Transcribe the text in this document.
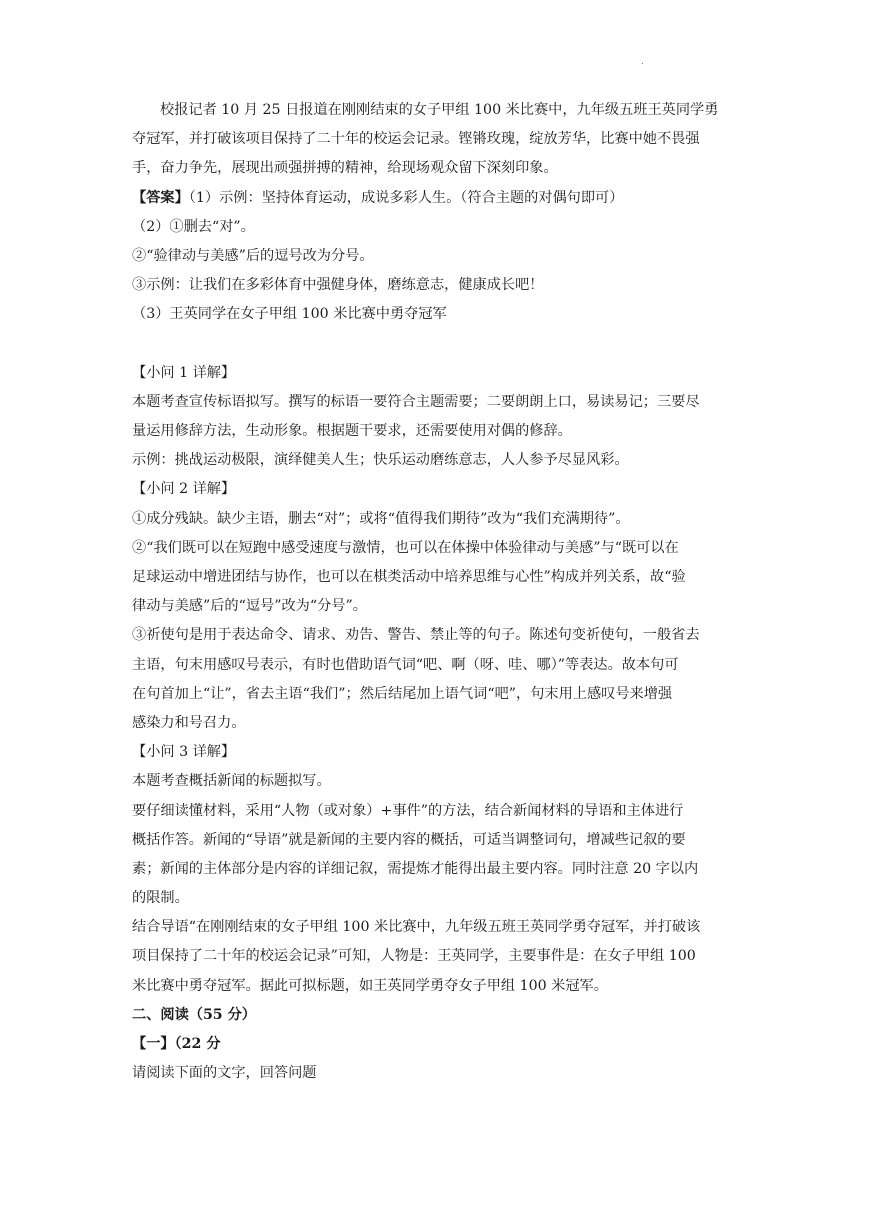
.
校报记者 10 月 25 日报道在刚刚结束的女子甲组 100 米比赛中，九年级五班王英同学勇
夺冠军，并打破该项目保持了二十年的校运会记录。铿锵玫瑰，绽放芳华，比赛中她不畏强
手，奋力争先，展现出顽强拼搏的精神，给现场观众留下深刻印象。
【答案】（1）示例：坚持体育运动，成说多彩人生。（符合主题的对偶句即可）
（2）①删去“对”。
②“验律动与美感”后的逗号改为分号。
③示例：让我们在多彩体育中强健身体，磨练意志，健康成长吧！
（3）王英同学在女子甲组 100 米比赛中勇夺冠军
【小问 1 详解】
本题考查宣传标语拟写。撰写的标语一要符合主题需要；二要朗朗上口，易读易记；三要尽
量运用修辞方法，生动形象。根据题干要求，还需要使用对偶的修辞。
示例：挑战运动极限，演绎健美人生；快乐运动磨练意志，人人参予尽显风彩。
【小问 2 详解】
①成分残缺。缺少主语，删去“对”；或将“值得我们期待”改为“我们充满期待”。
②“我们既可以在短跑中感受速度与激情，也可以在体操中体验律动与美感”与“既可以在
足球运动中增进团结与协作，也可以在棋类活动中培养思维与心性”构成并列关系，故“验
律动与美感”后的“逗号”改为“分号”。
③祈使句是用于表达命令、请求、劝告、警告、禁止等的句子。陈述句变祈使句，一般省去
主语，句末用感叹号表示，有时也借助语气词“吧、啊（呀、哇、哪）”等表达。故本句可
在句首加上“让”，省去主语“我们”；然后结尾加上语气词“吧”，句末用上感叹号来增强
感染力和号召力。
【小问 3 详解】
本题考查概括新闻的标题拟写。
要仔细读懂材料，采用“人物（或对象）+事件”的方法，结合新闻材料的导语和主体进行
概括作答。新闻的“导语”就是新闻的主要内容的概括，可适当调整词句，增减些记叙的要
素；新闻的主体部分是内容的详细记叙，需提炼才能得出最主要内容。同时注意 20 字以内
的限制。
结合导语“在刚刚结束的女子甲组 100 米比赛中，九年级五班王英同学勇夺冠军，并打破该
项目保持了二十年的校运会记录”可知，人物是：王英同学，主要事件是：在女子甲组 100
米比赛中勇夺冠军。据此可拟标题，如王英同学勇夺女子甲组 100 米冠军。
二、阅读（55 分）
【一】（22 分
请阅读下面的文字，回答问题
